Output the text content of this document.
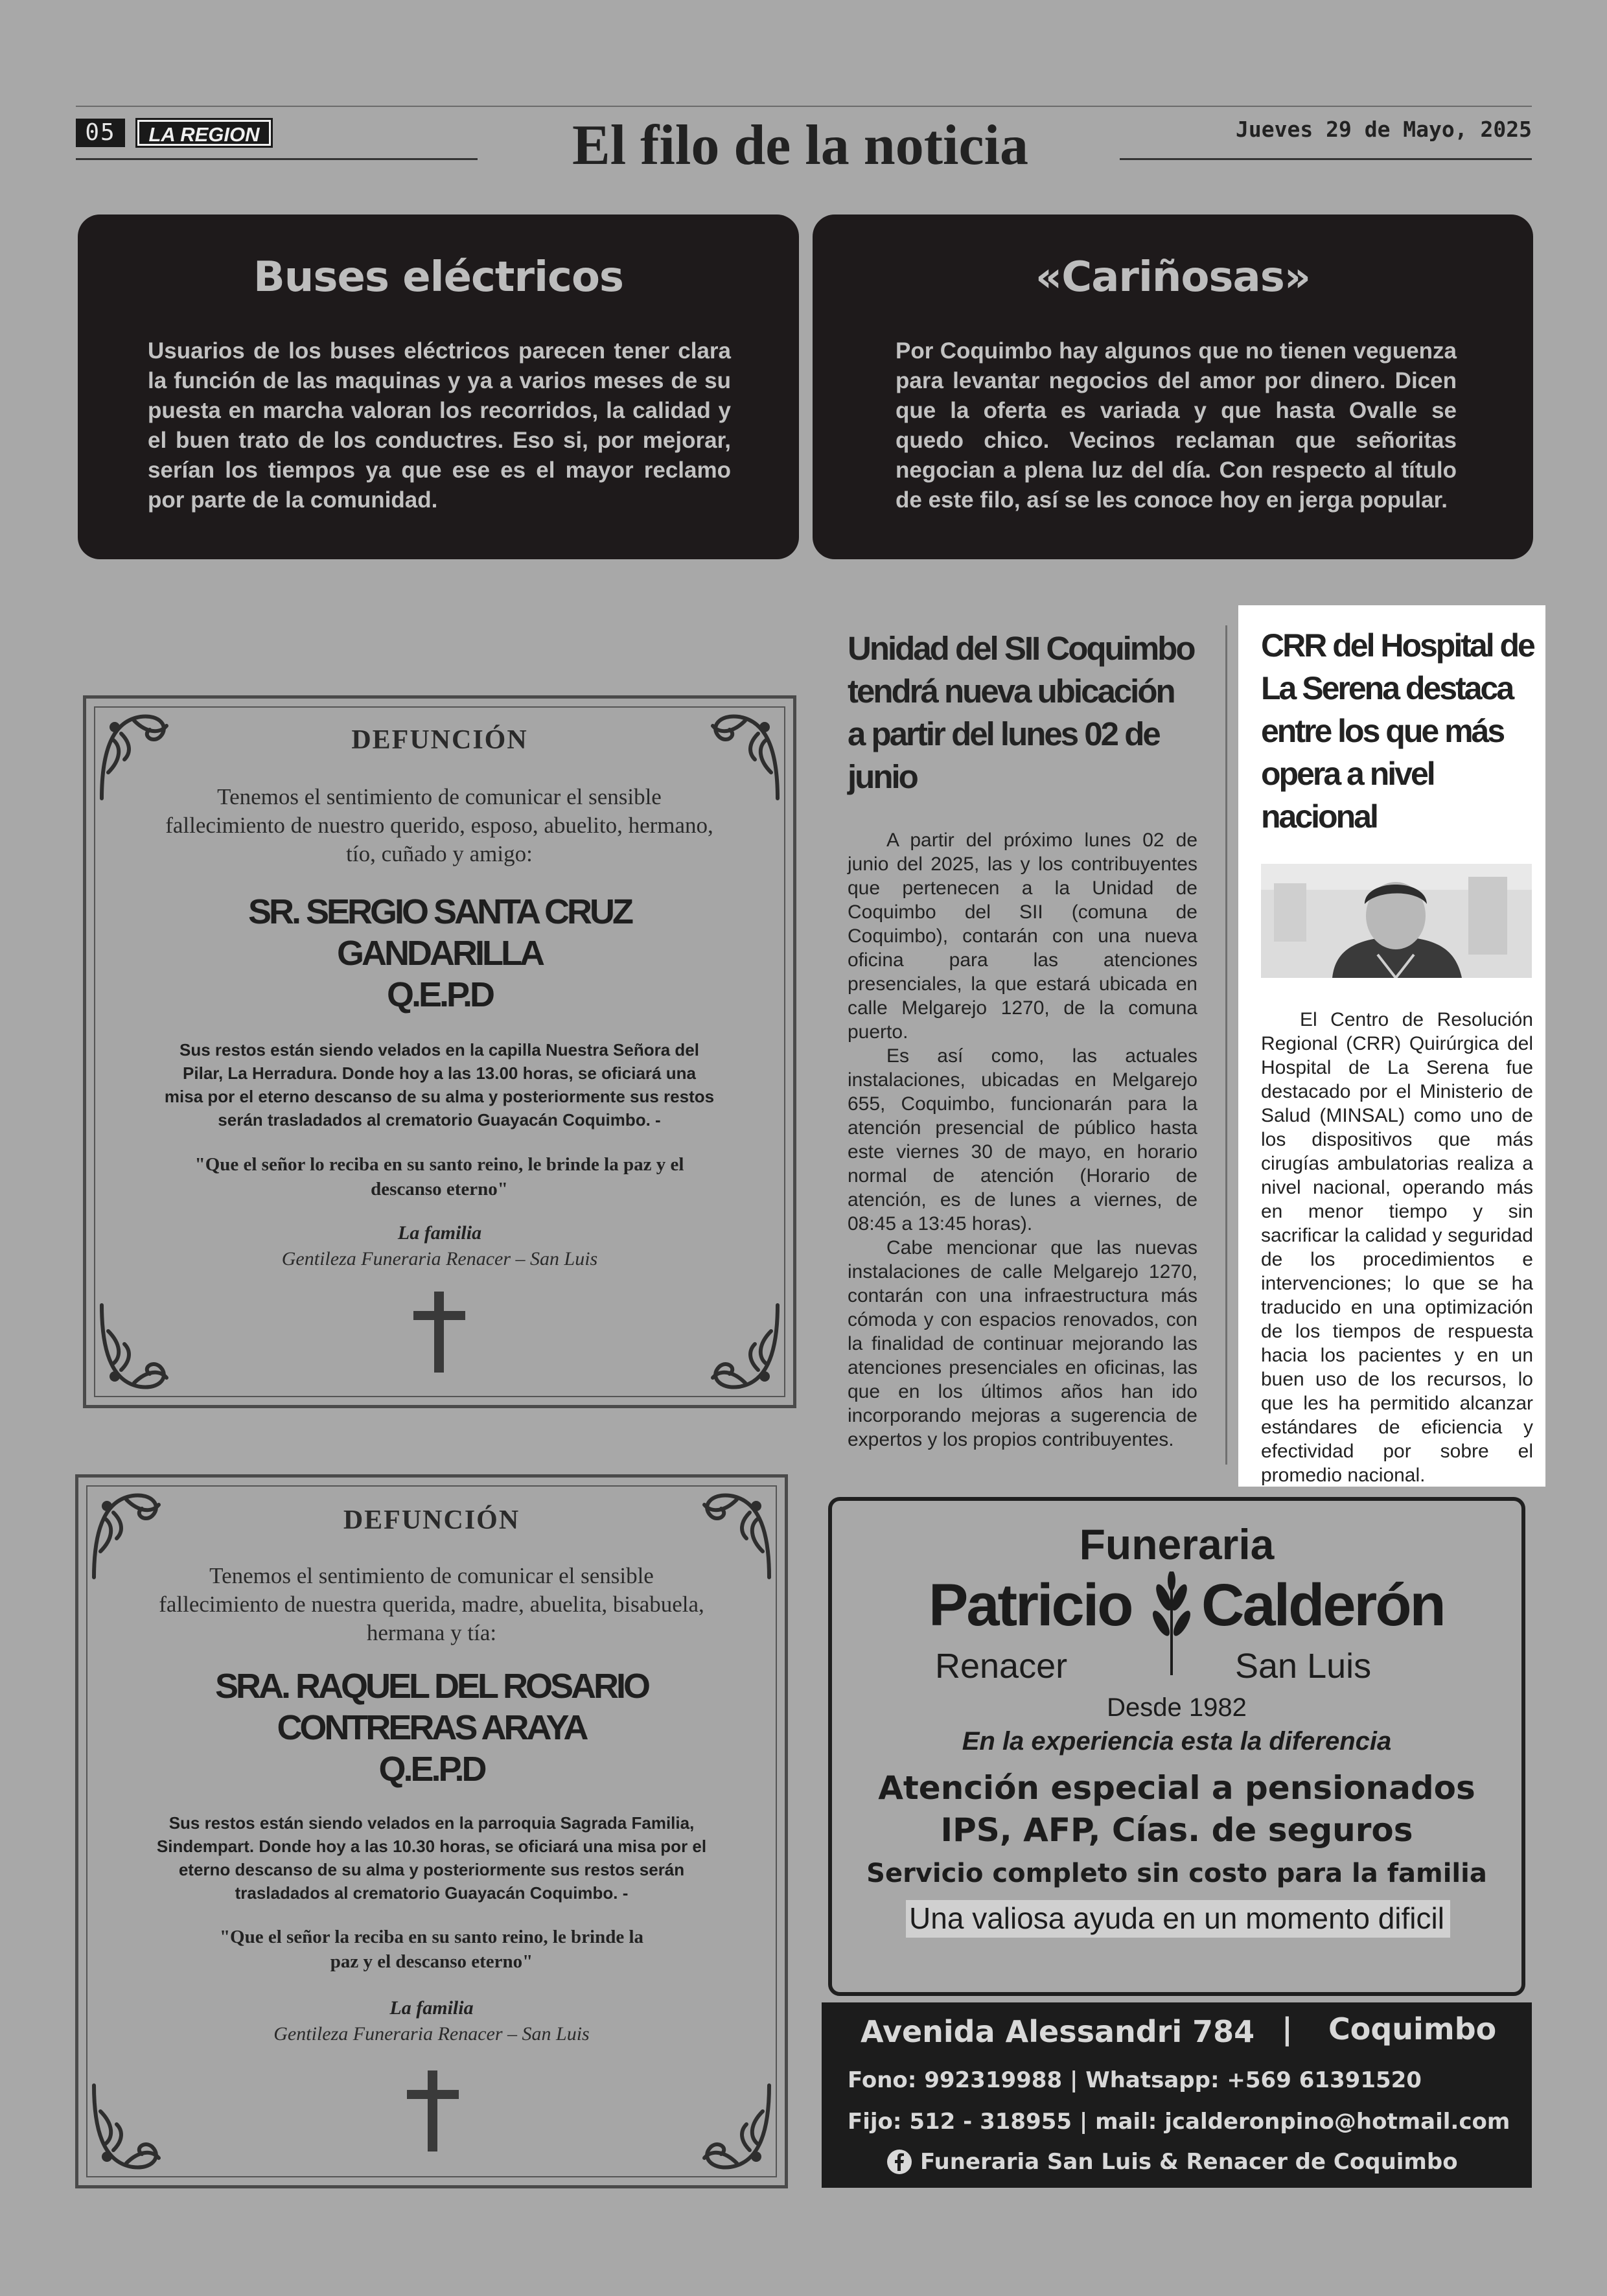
05	LA REGION	El filo de la noticia	Jueves 29 de Mayo, 2025
Buses eléctricos

Usuarios de los buses eléctricos parecen tener clara la función de las maquinas y ya a varios meses de su puesta en marcha valoran los recorridos, la calidad y el buen trato de los conductres. Eso si, por mejorar, serían los tiempos ya que ese es el mayor reclamo por parte de la comunidad.

«Cariñosas»

Por Coquimbo hay algunos que no tienen veguenza para levantar negocios del amor por dinero. Dicen que la oferta es variada y que hasta Ovalle se quedo chico. Vecinos reclaman que señoritas negocian a plena luz del día. Con respecto al título de este filo, así se les conoce hoy en jerga popular.

DEFUNCIÓN
Tenemos el sentimiento de comunicar el sensible fallecimiento de nuestro querido, esposo, abuelito, hermano, tío, cuñado y amigo:
SR. SERGIO SANTA CRUZ
GANDARILLA
Q.E.P.D
Sus restos están siendo velados en la capilla Nuestra Señora del Pilar, La Herradura. Donde hoy a las 13.00 horas, se oficiará una misa por el eterno descanso de su alma y posteriormente sus restos serán trasladados al crematorio Guayacán Coquimbo. -
"Que el señor lo reciba en su santo reino, le brinde la paz y el descanso eterno"
La familia
Gentileza Funeraria Renacer – San Luis
DEFUNCIÓN
Tenemos el sentimiento de comunicar el sensible fallecimiento de nuestra querida, madre, abuelita, bisabuela, hermana y tía:
SRA. RAQUEL DEL ROSARIO
CONTRERAS ARAYA
Q.E.P.D
Sus restos están siendo velados en la parroquia Sagrada Familia, Sindempart. Donde hoy a las 10.30 horas, se oficiará una misa por el eterno descanso de su alma y posteriormente sus restos serán trasladados al crematorio Guayacán Coquimbo. -
"Que el señor la reciba en su santo reino, le brinde la paz y el descanso eterno"
La familia
Gentileza Funeraria Renacer – San Luis
Unidad del SII Coquimbo tendrá nueva ubicación a partir del lunes 02 de junio

A partir del próximo lunes 02 de junio del 2025, las y los contribuyentes que pertenecen a la Unidad de Coquimbo del SII (comuna de Coquimbo), contarán con una nueva oficina para las atenciones presenciales, la que estará ubicada en calle Melgarejo 1270, de la comuna puerto.

Es así como, las actuales instalaciones, ubicadas en Melgarejo 655, Coquimbo, funcionarán para la atención presencial de público hasta este viernes 30 de mayo, en horario normal de atención (Horario de atención, es de lunes a viernes, de 08:45 a 13:45 horas).

Cabe mencionar que las nuevas instalaciones de calle Melgarejo 1270, contarán con una infraestructura más cómoda y con espacios renovados, con la finalidad de continuar mejorando las atenciones presenciales en oficinas, las que en los últimos años han ido incorporando mejoras a sugerencia de expertos y los propios contribuyentes.

CRR del Hospital de La Serena destaca entre los que más opera a nivel nacional

El Centro de Resolución Regional (CRR) Quirúrgica del Hospital de La Serena fue destacado por el Ministerio de Salud (MINSAL) como uno de los dispositivos que más cirugías ambulatorias realiza a nivel nacional, operando más en menor tiempo y sin sacrificar la calidad y seguridad de los procedimientos e intervenciones; lo que se ha traducido en una optimización de los tiempos de respuesta hacia los pacientes y en un buen uso de los recursos, lo que les ha permitido alcanzar estándares de eficiencia y efectividad por sobre el promedio nacional.

Funeraria
Patricio Calderón
Renacer	San Luis
Desde 1982
En la experiencia esta la diferencia
Atención especial a pensionados
IPS, AFP, Cías. de seguros
Servicio completo sin costo para la familia
Una valiosa ayuda en un momento dificil
Avenida Alessandri 784 | Coquimbo
Fono: 992319988 | Whatsapp: +569 61391520
Fijo: 512 - 318955 | mail: jcalderonpino@hotmail.com
Funeraria San Luis & Renacer de Coquimbo
